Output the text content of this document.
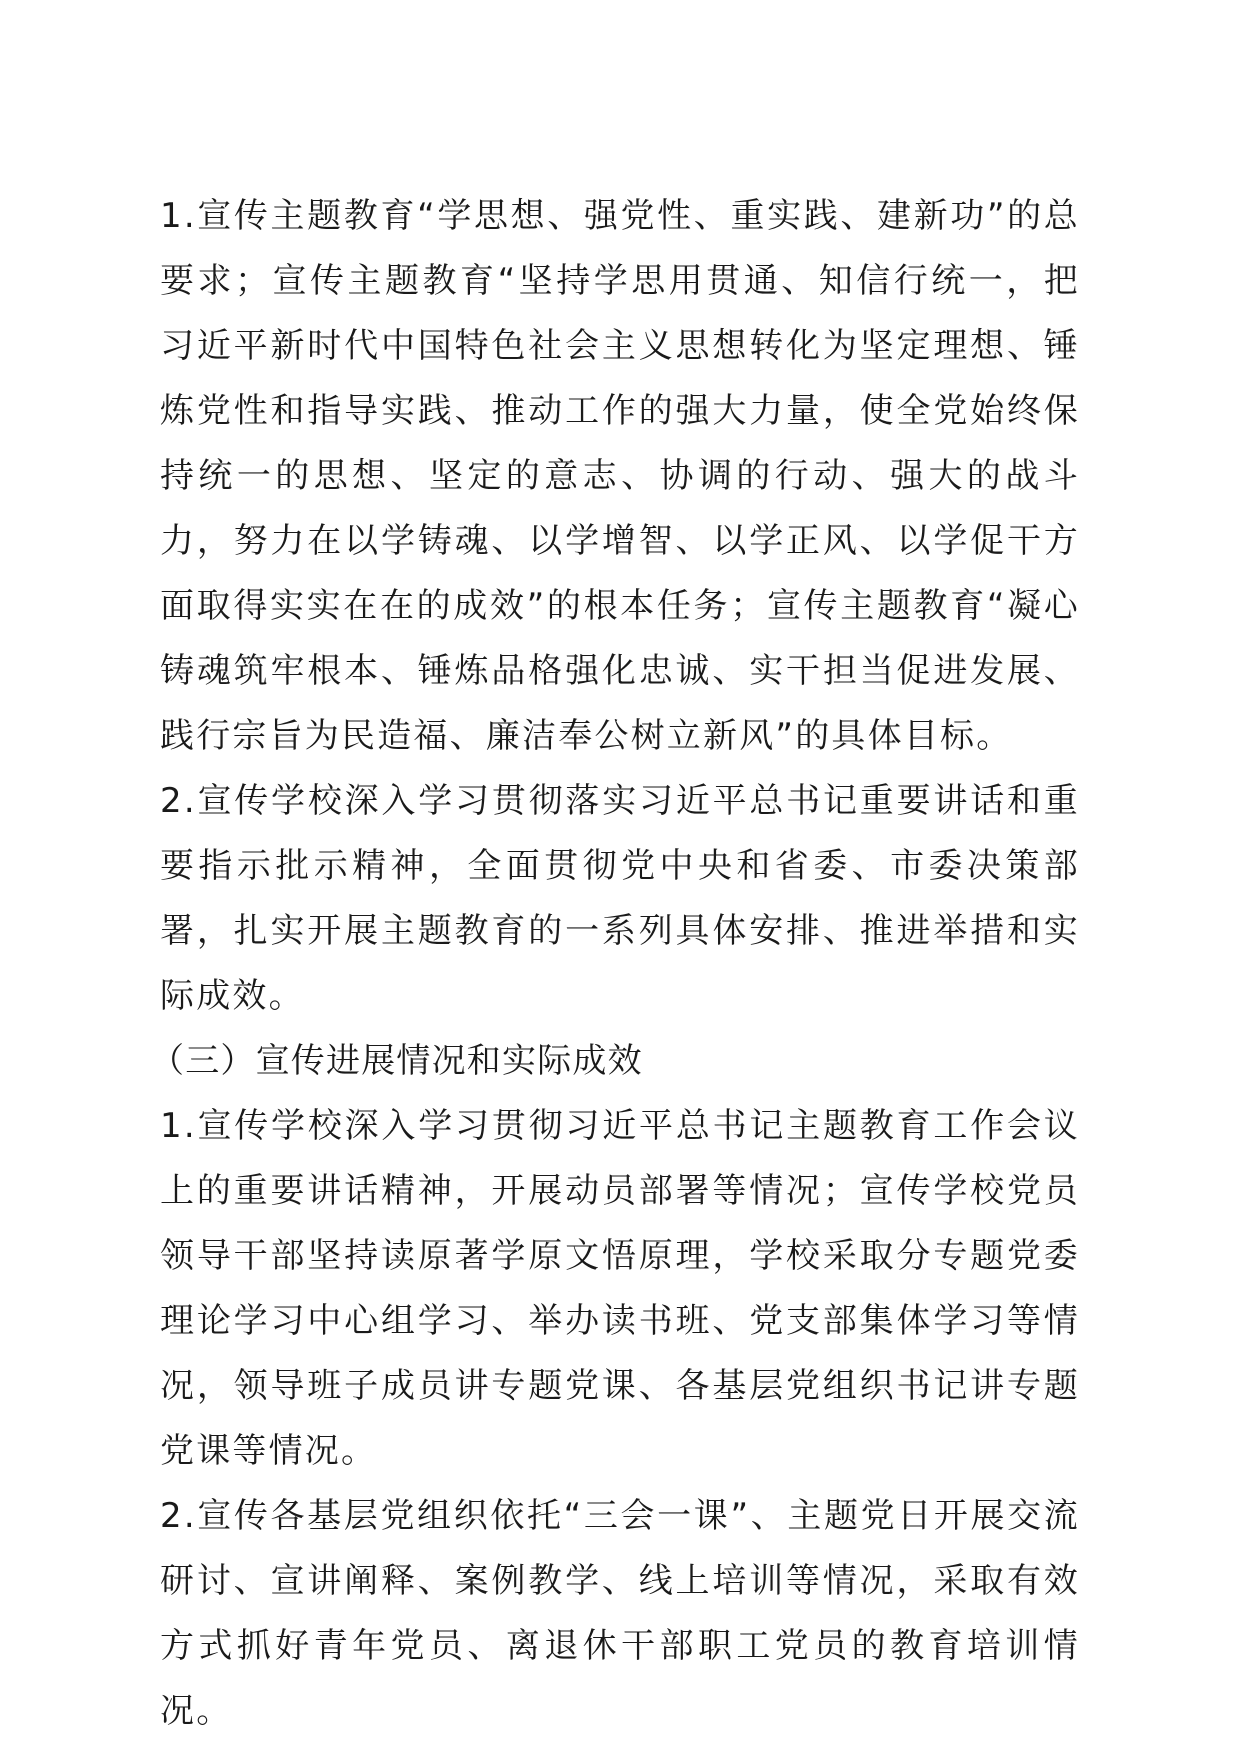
1.宣传主题教育“学思想、强党性、重实践、建新功”的总要求；宣传主题教育“坚持学思用贯通、知信行统一，把习近平新时代中国特色社会主义思想转化为坚定理想、锤炼党性和指导实践、推动工作的强大力量，使全党始终保持统一的思想、坚定的意志、协调的行动、强大的战斗力，努力在以学铸魂、以学增智、以学正风、以学促干方面取得实实在在的成效”的根本任务；宣传主题教育“凝心铸魂筑牢根本、锤炼品格强化忠诚、实干担当促进发展、践行宗旨为民造福、廉洁奉公树立新风”的具体目标。

2.宣传学校深入学习贯彻落实习近平总书记重要讲话和重要指示批示精神，全面贯彻党中央和省委、市委决策部署，扎实开展主题教育的一系列具体安排、推进举措和实际成效。

（三）宣传进展情况和实际成效

1.宣传学校深入学习贯彻习近平总书记主题教育工作会议上的重要讲话精神，开展动员部署等情况；宣传学校党员领导干部坚持读原著学原文悟原理，学校采取分专题党委理论学习中心组学习、举办读书班、党支部集体学习等情况，领导班子成员讲专题党课、各基层党组织书记讲专题党课等情况。

2.宣传各基层党组织依托“三会一课”、主题党日开展交流研讨、宣讲阐释、案例教学、线上培训等情况，采取有效方式抓好青年党员、离退休干部职工党员的教育培训情况。
